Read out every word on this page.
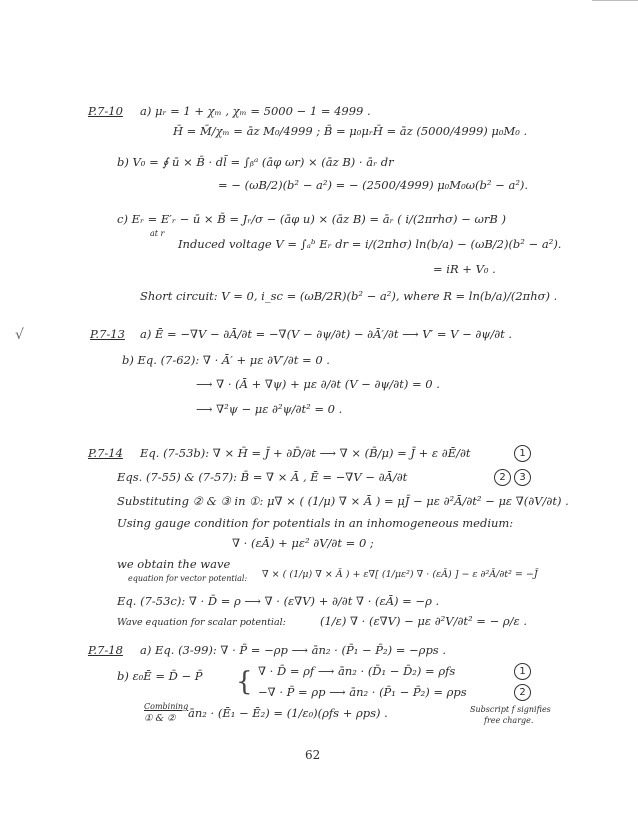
P.7-10 a) μᵣ = 1 + χₘ , χₘ = 5000 − 1 = 4999 .
H̄ = M̄/χₘ = āz M₀/4999 ; B̄ = μ₀μᵣH̄ = āz (5000/4999) μ₀M₀ .
b) V₀ = ∮ ū × B̄ · dl̄ = ∫ᵦᵃ (āφ ωr) × (āz B) · āᵣ dr
= − (ωB/2)(b² − a²) = − (2500/4999) μ₀M₀ω(b² − a²).
c) Eᵣ = E′ᵣ − ū × B̄ = Jᵣ/σ − (āφ u) × (āz B) = āᵣ ( i/(2πrhσ) − ωrB )
at r
Induced voltage V = ∫ₐᵇ Eᵣ dr = i/(2πhσ) ln(b/a) − (ωB/2)(b² − a²).
= iR + V₀ .
Short circuit: V = 0, i_sc = (ωB/2R)(b² − a²), where R = ln(b/a)/(2πhσ) .
√	P.7-13 a) Ē = −∇V − ∂Ā/∂t = −∇(V − ∂ψ/∂t) − ∂Ā′/∂t ⟶ V′ = V − ∂ψ/∂t .
b) Eq. (7-62): ∇ · Ā′ + με ∂V′/∂t = 0 .
⟶ ∇ · (Ā + ∇ψ) + με ∂/∂t (V − ∂ψ/∂t) = 0 .
⟶ ∇²ψ − με ∂²ψ/∂t² = 0 .
P.7-14 Eq. (7-53b): ∇ × H̄ = J̄ + ∂D̄/∂t ⟶ ∇ × (B̄/μ) = J̄ + ε ∂Ē/∂t	1
Eqs. (7-55) & (7-57): B̄ = ∇ × Ā , Ē = −∇V − ∂Ā/∂t	2	3
Substituting ② & ③ in ①: μ∇ × ( (1/μ) ∇ × Ā ) = μJ̄ − με ∂²Ā/∂t² − με ∇(∂V/∂t) .
Using gauge condition for potentials in an inhomogeneous medium:
∇ · (εĀ) + με² ∂V/∂t = 0 ;
we obtain the wave
equation for vector potential: ∇ × ( (1/μ) ∇ × Ā ) + ε∇[ (1/με²) ∇ · (εĀ) ] − ε ∂²Ā/∂t² = −J̄
Eq. (7-53c): ∇ · D̄ = ρ ⟶ ∇ · (ε∇V) + ∂/∂t ∇ · (εĀ) = −ρ .
Wave equation for scalar potential:	(1/ε) ∇ · (ε∇V) − με ∂²V/∂t² = − ρ/ε .
P.7-18 a) Eq. (3-99): ∇ · P̄ = −ρp ⟶ ān₂ · (P̄₁ − P̄₂) = −ρps .
b) ε₀Ē = D̄ − P̄ { ∇ · D̄ = ρf ⟶ ān₂ · (D̄₁ − D̄₂) = ρfs	1
−∇ · P̄ = ρp ⟶ ān₂ · (P̄₁ − P̄₂) = ρps	2
Combining
① & ② ān₂ · (Ē₁ − Ē₂) = (1/ε₀)(ρfs + ρps) .	Subscript f signifies
free charge.
62
